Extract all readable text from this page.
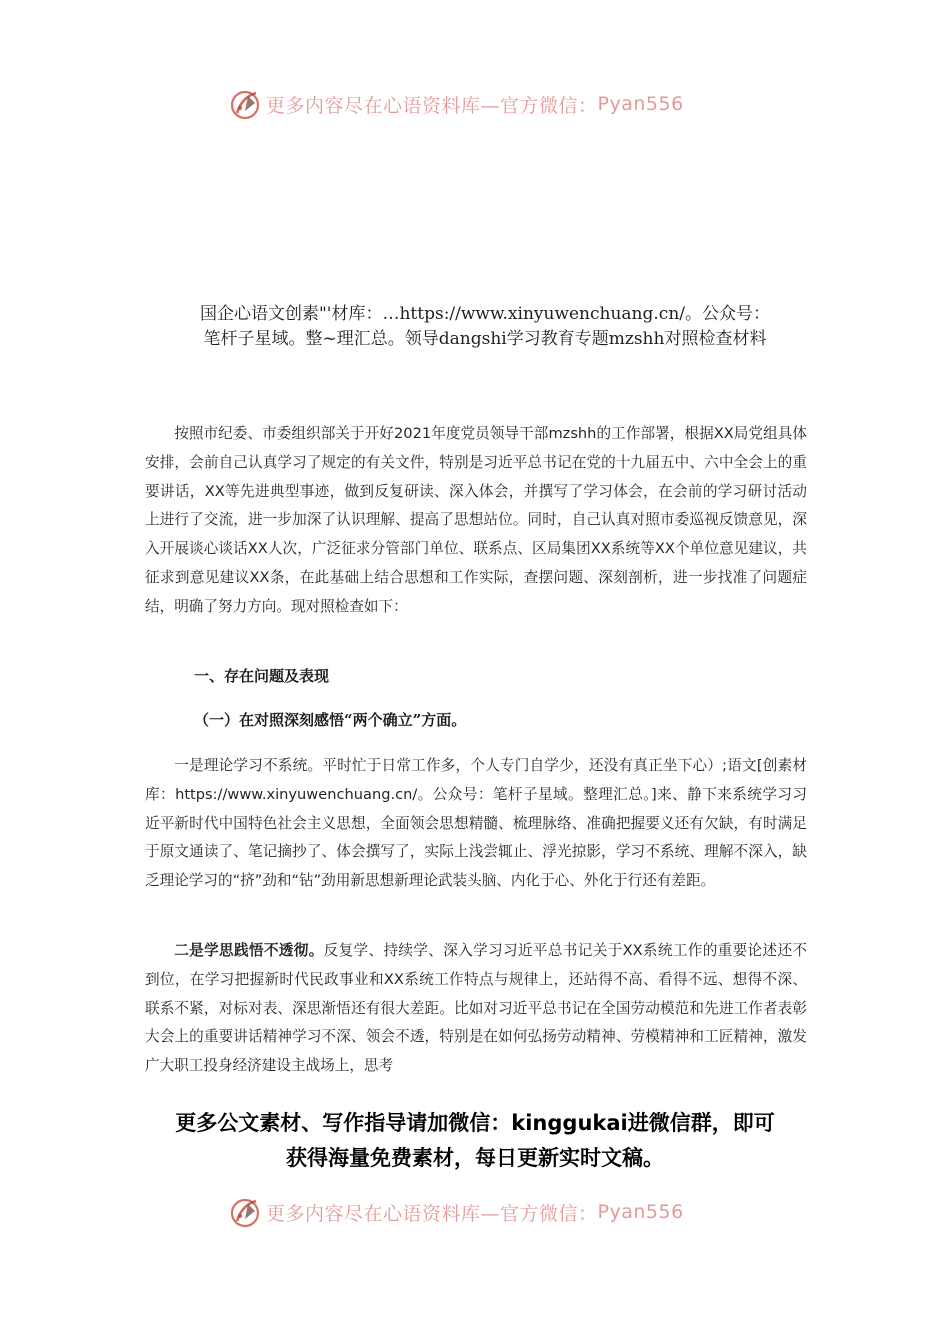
更多内容尽在心语资料库—官方微信： Pyan556
国企心语文创素"'材库：…https://www.xinyuwenchuang.cn/。公众号：
笔杆子星域。整~理汇总。领导dangshi学习教育专题mzshh对照检查材料
按照市纪委、市委组织部关于开好2021年度党员领导干部mzshh的工作部署，根据XX局党组具体安排，会前自己认真学习了规定的有关文件，特别是习近平总书记在党的十九届五中、六中全会上的重要讲话，XX等先进典型事迹，做到反复研读、深入体会，并撰写了学习体会，在会前的学习研讨活动上进行了交流，进一步加深了认识理解、提高了思想站位。同时，自己认真对照市委巡视反馈意见，深入开展谈心谈话XX人次，广泛征求分管部门单位、联系点、区局集团XX系统等XX个单位意见建议，共征求到意见建议XX条，在此基础上结合思想和工作实际，查摆问题、深刻剖析，进一步找准了问题症结，明确了努力方向。现对照检查如下：
一、存在问题及表现
（一）在对照深刻感悟“两个确立”方面。
一是理论学习不系统。平时忙于日常工作多，个人专门自学少，还没有真正坐下心）;语文[创素材库：https://www.xinyuwenchuang.cn/。公众号：笔杆子星域。整理汇总。]来、静下来系统学习习近平新时代中国特色社会主义思想，全面领会思想精髓、梳理脉络、准确把握要义还有欠缺，有时满足于原文通读了、笔记摘抄了、体会撰写了，实际上浅尝辄止、浮光掠影，学习不系统、理解不深入，缺乏理论学习的“挤”劲和“钻”劲用新思想新理论武装头脑、内化于心、外化于行还有差距。
二是学思践悟不透彻。反复学、持续学、深入学习习近平总书记关于XX系统工作的重要论述还不到位，在学习把握新时代民政事业和XX系统工作特点与规律上，还站得不高、看得不远、想得不深、联系不紧，对标对表、深思渐悟还有很大差距。比如对习近平总书记在全国劳动模范和先进工作者表彰大会上的重要讲话精神学习不深、领会不透，特别是在如何弘扬劳动精神、劳模精神和工匠精神，激发广大职工投身经济建设主战场上，思考
更多公文素材、写作指导请加微信：kinggukai进微信群，即可
获得海量免费素材，每日更新实时文稿。
更多内容尽在心语资料库—官方微信： Pyan556
